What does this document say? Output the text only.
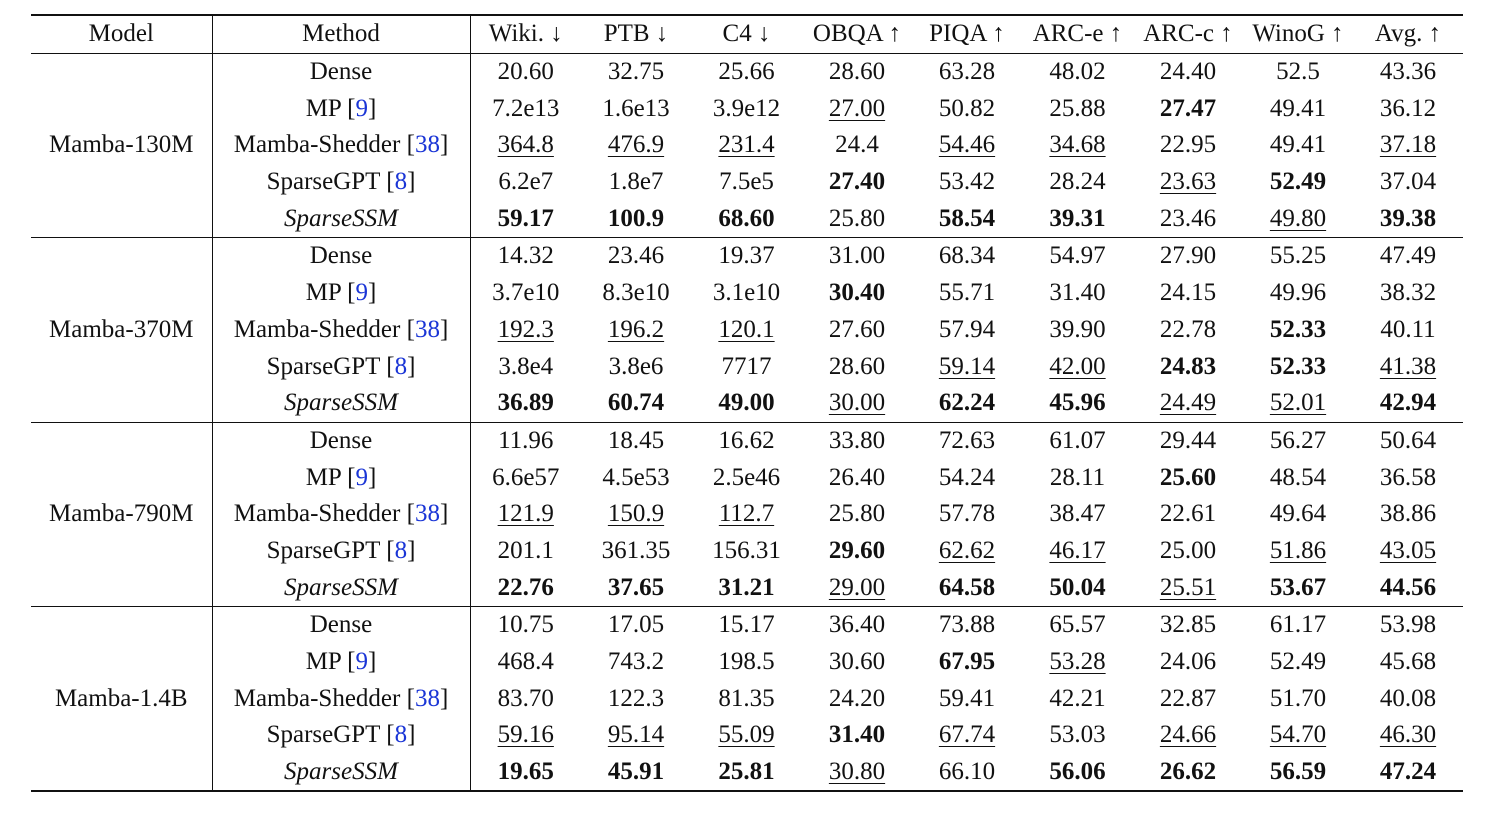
Model	Method	Wiki. ↓	PTB ↓	C4 ↓	OBQA ↑	PIQA ↑	ARC-e ↑	ARC-c ↑	WinoG ↑	Avg. ↑
Mamba-130M	Dense	20.60	32.75	25.66	28.60	63.28	48.02	24.40	52.5	43.36
	MP [9]	7.2e13	1.6e13	3.9e12	27.00	50.82	25.88	27.47	49.41	36.12
	Mamba-Shedder [38]	364.8	476.9	231.4	24.4	54.46	34.68	22.95	49.41	37.18
	SparseGPT [8]	6.2e7	1.8e7	7.5e5	27.40	53.42	28.24	23.63	52.49	37.04
	SparseSSM	59.17	100.9	68.60	25.80	58.54	39.31	23.46	49.80	39.38
Mamba-370M	Dense	14.32	23.46	19.37	31.00	68.34	54.97	27.90	55.25	47.49
	MP [9]	3.7e10	8.3e10	3.1e10	30.40	55.71	31.40	24.15	49.96	38.32
	Mamba-Shedder [38]	192.3	196.2	120.1	27.60	57.94	39.90	22.78	52.33	40.11
	SparseGPT [8]	3.8e4	3.8e6	7717	28.60	59.14	42.00	24.83	52.33	41.38
	SparseSSM	36.89	60.74	49.00	30.00	62.24	45.96	24.49	52.01	42.94
Mamba-790M	Dense	11.96	18.45	16.62	33.80	72.63	61.07	29.44	56.27	50.64
	MP [9]	6.6e57	4.5e53	2.5e46	26.40	54.24	28.11	25.60	48.54	36.58
	Mamba-Shedder [38]	121.9	150.9	112.7	25.80	57.78	38.47	22.61	49.64	38.86
	SparseGPT [8]	201.1	361.35	156.31	29.60	62.62	46.17	25.00	51.86	43.05
	SparseSSM	22.76	37.65	31.21	29.00	64.58	50.04	25.51	53.67	44.56
Mamba-1.4B	Dense	10.75	17.05	15.17	36.40	73.88	65.57	32.85	61.17	53.98
	MP [9]	468.4	743.2	198.5	30.60	67.95	53.28	24.06	52.49	45.68
	Mamba-Shedder [38]	83.70	122.3	81.35	24.20	59.41	42.21	22.87	51.70	40.08
	SparseGPT [8]	59.16	95.14	55.09	31.40	67.74	53.03	24.66	54.70	46.30
	SparseSSM	19.65	45.91	25.81	30.80	66.10	56.06	26.62	56.59	47.24
